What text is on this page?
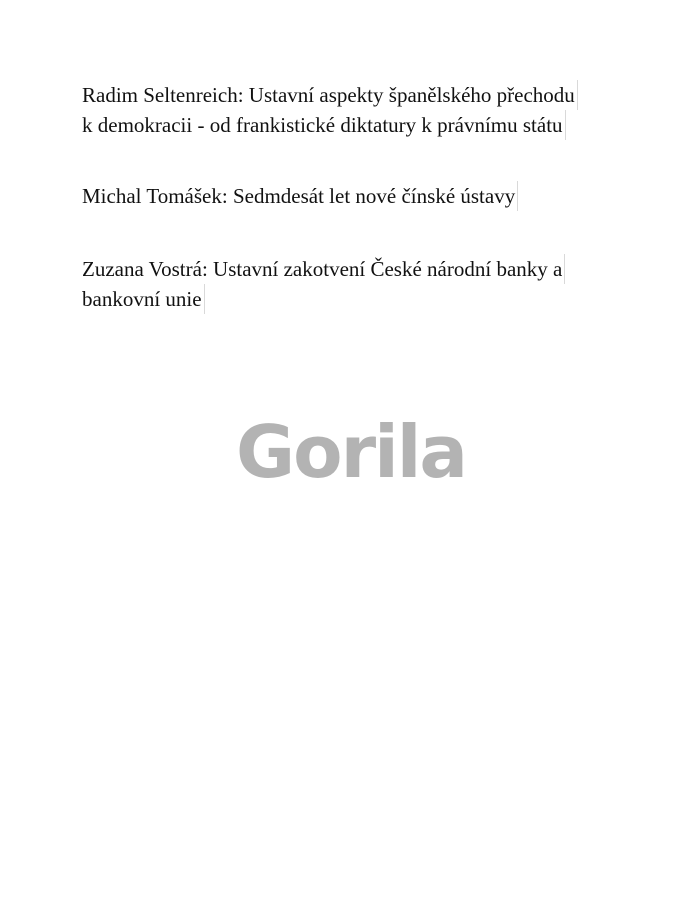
Radim Seltenreich: Ustavní aspekty španělského přechodu
k demokracii - od frankistické diktatury k právnímu státu
Michal Tomášek: Sedmdesát let nové čínské ústavy
Zuzana Vostrá: Ustavní zakotvení České národní banky a
bankovní unie
Gorila
